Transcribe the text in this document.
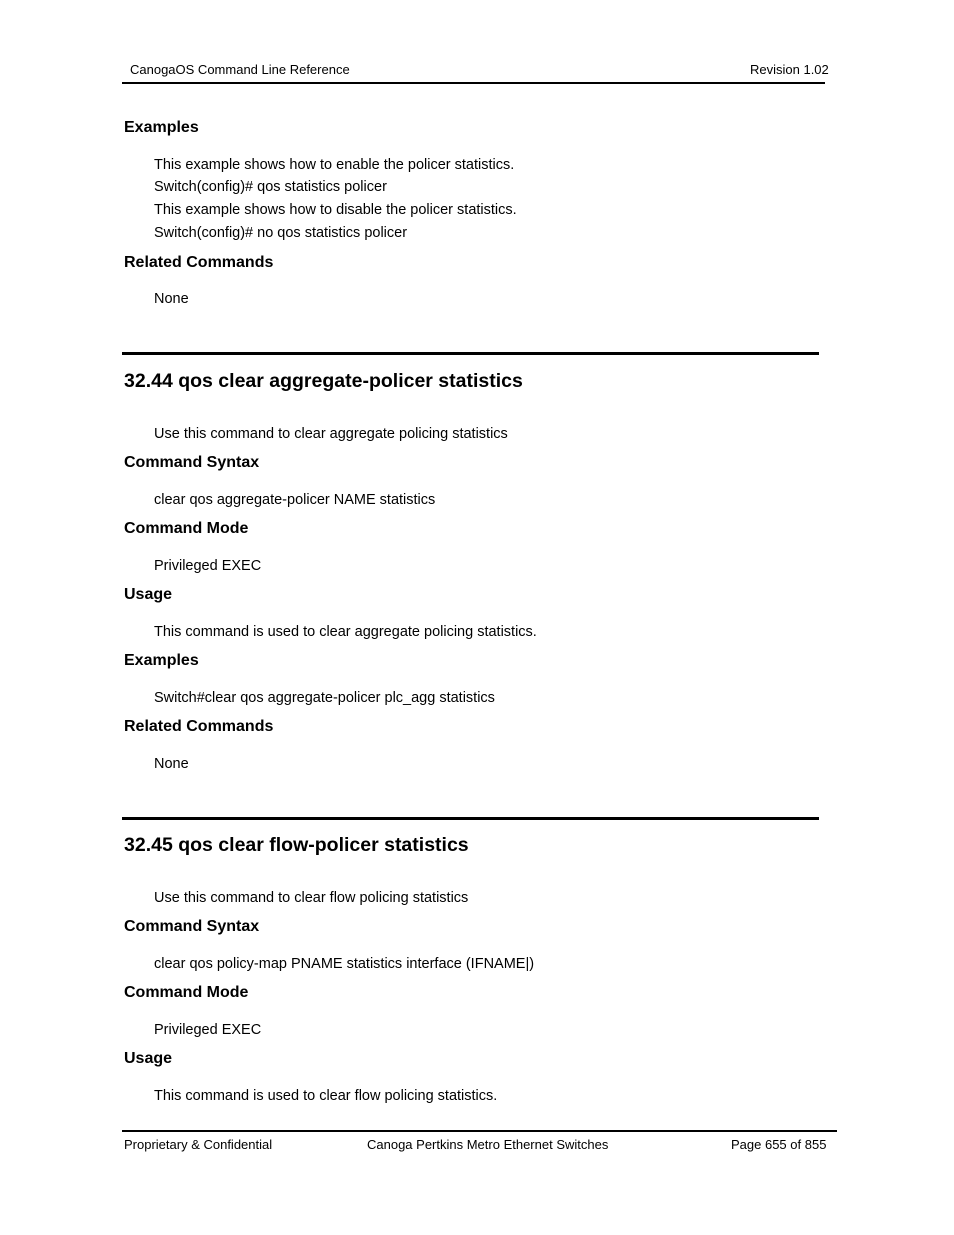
CanogaOS Command Line Reference	Revision 1.02
Examples
This example shows how to enable the policer statistics.
Switch(config)# qos statistics policer
This example shows how to disable the policer statistics.
Switch(config)# no qos statistics policer
Related Commands
None
32.44 qos clear aggregate-policer statistics
Use this command to clear aggregate policing statistics
Command Syntax
clear qos aggregate-policer NAME statistics
Command Mode
Privileged EXEC
Usage
This command is used to clear aggregate policing statistics.
Examples
Switch#clear qos aggregate-policer plc_agg statistics
Related Commands
None
32.45 qos clear flow-policer statistics
Use this command to clear flow policing statistics
Command Syntax
clear qos policy-map PNAME statistics interface (IFNAME|)
Command Mode
Privileged EXEC
Usage
This command is used to clear flow policing statistics.
Proprietary & Confidential	Canoga Pertkins Metro Ethernet Switches	Page 655 of 855
